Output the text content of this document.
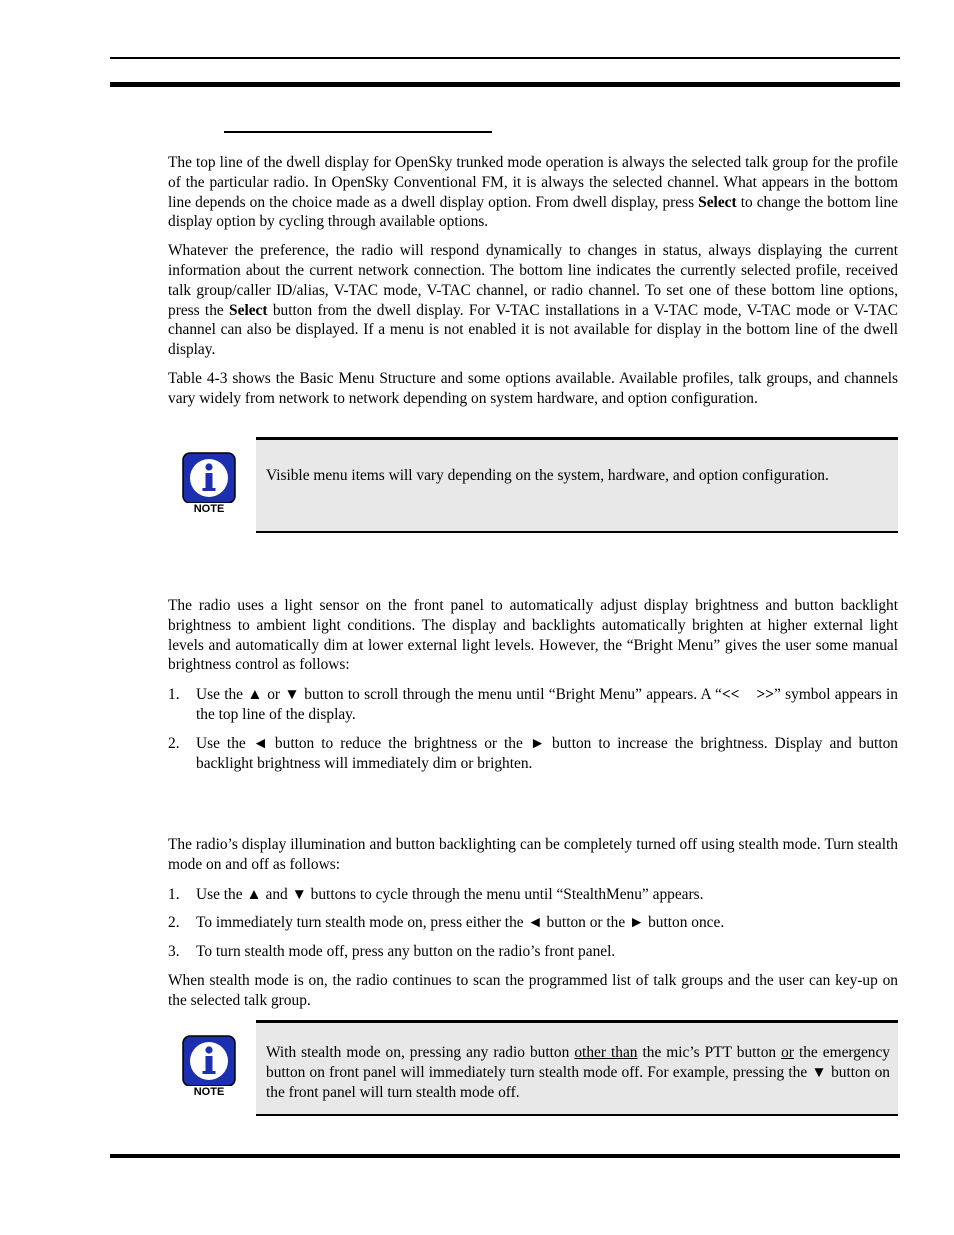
The top line of the dwell display for OpenSky trunked mode operation is always the selected talk group for the profile of the particular radio. In OpenSky Conventional FM, it is always the selected channel. What appears in the bottom line depends on the choice made as a dwell display option. From dwell display, press Select to change the bottom line display option by cycling through available options.

Whatever the preference, the radio will respond dynamically to changes in status, always displaying the current information about the current network connection. The bottom line indicates the currently selected profile, received talk group/caller ID/alias, V-TAC mode, V-TAC channel, or radio channel. To set one of these bottom line options, press the Select button from the dwell display. For V-TAC installations in a V-TAC mode, V-TAC mode or V-TAC channel can also be displayed. If a menu is not enabled it is not available for display in the bottom line of the dwell display.

Table 4-3 shows the Basic Menu Structure and some options available. Available profiles, talk groups, and channels vary widely from network to network depending on system hardware, and option configuration.

NOTE
Visible menu items will vary depending on the system, hardware, and option configuration.

The radio uses a light sensor on the front panel to automatically adjust display brightness and button backlight brightness to ambient light conditions. The display and backlights automatically brighten at higher external light levels and automatically dim at lower external light levels. However, the “Bright Menu” gives the user some manual brightness control as follows:

1. Use the ▲ or ▼ button to scroll through the menu until “Bright Menu” appears. A “<<    >>” symbol appears in the top line of the display.
2. Use the ◄ button to reduce the brightness or the ► button to increase the brightness. Display and button backlight brightness will immediately dim or brighten.

The radio’s display illumination and button backlighting can be completely turned off using stealth mode. Turn stealth mode on and off as follows:

1. Use the ▲ and ▼ buttons to cycle through the menu until “StealthMenu” appears.
2. To immediately turn stealth mode on, press either the ◄ button or the ► button once.
3. To turn stealth mode off, press any button on the radio’s front panel.

When stealth mode is on, the radio continues to scan the programmed list of talk groups and the user can key-up on the selected talk group.

NOTE
With stealth mode on, pressing any radio button other than the mic’s PTT button or the emergency button on front panel will immediately turn stealth mode off. For example, pressing the ▼ button on the front panel will turn stealth mode off.
